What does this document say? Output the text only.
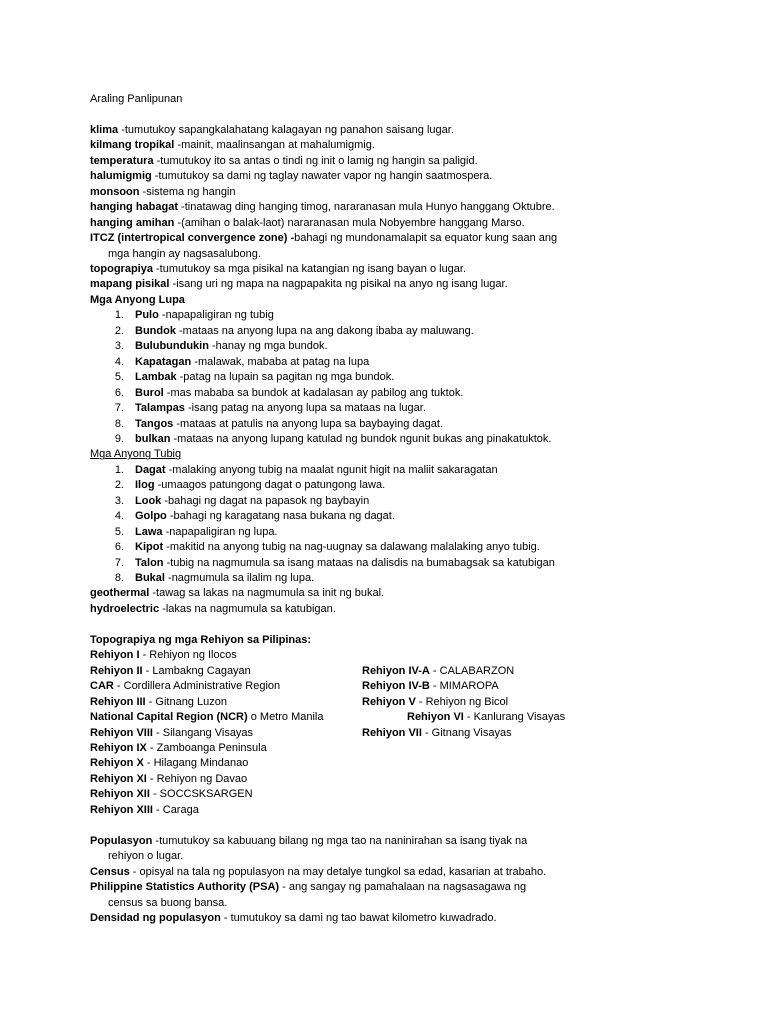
Araling Panlipunan
klima -tumutukoy sapangkalahatang kalagayan ng panahon saisang lugar.
kilmang tropikal -mainit, maalinsangan at mahalumigmig.
temperatura -tumutukoy ito sa antas o tindi ng init o lamig ng hangin sa paligid.
halumigmig -tumutukoy sa dami ng taglay nawater vapor ng hangin saatmospera.
monsoon -sistema ng hangin
hanging habagat -tinatawag ding hanging timog, nararanasan mula Hunyo hanggang Oktubre.
hanging amihan -(amihan o balak-laot) nararanasan mula Nobyembre hanggang Marso.
ITCZ (intertropical convergence zone) -bahagi ng mundonamalapit sa equator kung saan ang
mga hangin ay nagsasalubong.
topograpiya -tumutukoy sa mga pisikal na katangian ng isang bayan o lugar.
mapang pisikal -isang uri ng mapa na nagpapakita ng pisikal na anyo ng isang lugar.
Mga Anyong Lupa
1. Pulo -napapaligiran ng tubig
2. Bundok -mataas na anyong lupa na ang dakong ibaba ay maluwang.
3. Bulubundukin -hanay ng mga bundok.
4. Kapatagan -malawak, mababa at patag na lupa
5. Lambak -patag na lupain sa pagitan ng mga bundok.
6. Burol -mas mababa sa bundok at kadalasan ay pabilog ang tuktok.
7. Talampas -isang patag na anyong lupa sa mataas na lugar.
8. Tangos -mataas at patulis na anyong lupa sa baybaying dagat.
9. bulkan -mataas na anyong lupang katulad ng bundok ngunit bukas ang pinakatuktok.
Mga Anyong Tubig
1. Dagat -malaking anyong tubig na maalat ngunit higit na maliit sakaragatan
2. Ilog -umaagos patungong dagat o patungong lawa.
3. Look -bahagi ng dagat na papasok ng baybayin
4. Golpo -bahagi ng karagatang nasa bukana ng dagat.
5. Lawa -napapaligiran ng lupa.
6. Kipot -makitid na anyong tubig na nag-uugnay sa dalawang malalaking anyo tubig.
7. Talon -tubig na nagmumula sa isang mataas na dalisdis na bumabagsak sa katubigan
8. Bukal -nagmumula sa ilalim ng lupa.
geothermal -tawag sa lakas na nagmumula sa init ng bukal.
hydroelectric -lakas na nagmumula sa katubigan.
Topograpiya ng mga Rehiyon sa Pilipinas:
Rehiyon I - Rehiyon ng Ilocos
Rehiyon II - Lambakng Cagayan
CAR - Cordillera Administrative Region
Rehiyon III - Gitnang Luzon
National Capital Region (NCR) o Metro Manila
Rehiyon VIII - Silangang Visayas
Rehiyon IX - Zamboanga Peninsula
Rehiyon X - Hilagang Mindanao
Rehiyon XI - Rehiyon ng Davao
Rehiyon XII - SOCCSKSARGEN
Rehiyon XIII - Caraga
Rehiyon IV-A - CALABARZON
Rehiyon IV-B - MIMAROPA
Rehiyon V - Rehiyon ng Bicol
Rehiyon VI - Kanlurang Visayas
Rehiyon VII - Gitnang Visayas
Populasyon -tumutukoy sa kabuuang bilang ng mga tao na naninirahan sa isang tiyak na
rehiyon o lugar.
Census - opisyal na tala ng populasyon na may detalye tungkol sa edad, kasarian at trabaho.
Philippine Statistics Authority (PSA) - ang sangay ng pamahalaan na nagsasagawa ng
census sa buong bansa.
Densidad ng populasyon - tumutukoy sa dami ng tao bawat kilometro kuwadrado.
